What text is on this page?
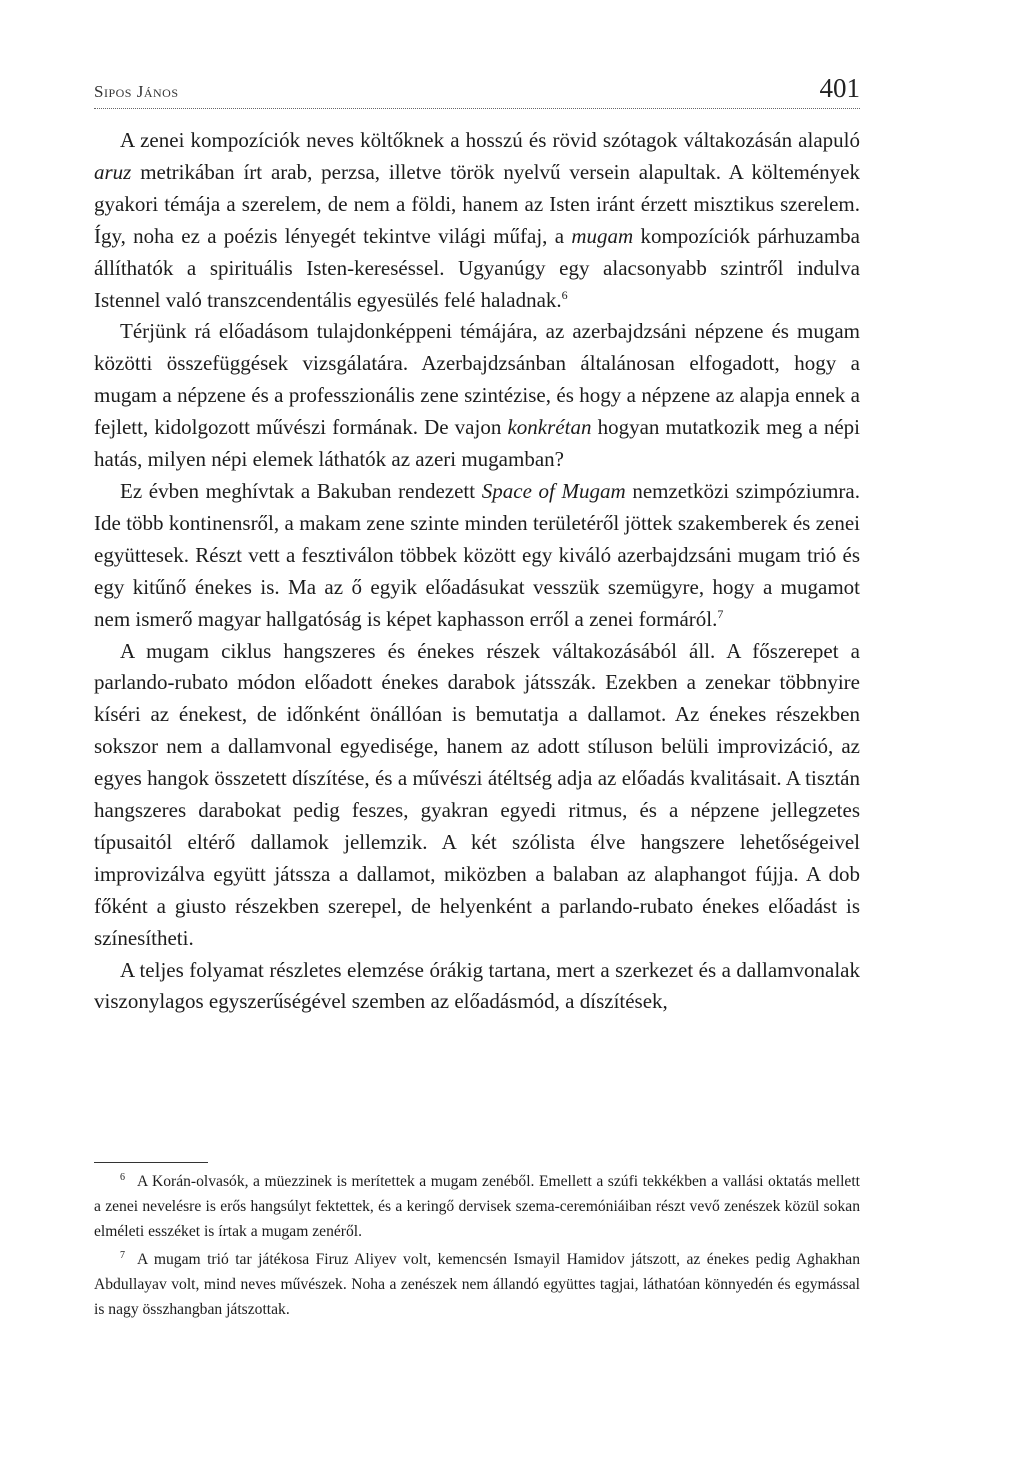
Sipos János	401

A zenei kompozíciók neves költőknek a hosszú és rövid szótagok váltakozásán alapuló aruz metrikában írt arab, perzsa, illetve török nyelvű versein alapultak. A költemények gyakori témája a szerelem, de nem a földi, hanem az Isten iránt érzett misztikus szerelem. Így, noha ez a poézis lényegét tekintve világi műfaj, a mugam kompozíciók párhuzamba állíthatók a spirituális Isten-kereséssel. Ugyanúgy egy alacsonyabb szintről indulva Istennel való transzcendentális egyesülés felé haladnak.$^6$

Térjünk rá előadásom tulajdonképpeni témájára, az azerbajdzsáni népzene és mugam közötti összefüggések vizsgálatára. Azerbajdzsánban általánosan elfogadott, hogy a mugam a népzene és a professzionális zene szintézise, és hogy a népzene az alapja ennek a fejlett, kidolgozott művészi formának. De vajon konkrétan hogyan mutatkozik meg a népi hatás, milyen népi elemek láthatók az azeri mugamban?

Ez évben meghívtak a Bakuban rendezett Space of Mugam nemzetközi szimpóziumra. Ide több kontinensről, a makam zene szinte minden területéről jöttek szakemberek és zenei együttesek. Részt vett a fesztiválon többek között egy kiváló azerbajdzsáni mugam trió és egy kitűnő énekes is. Ma az ő egyik előadásukat vesszük szemügyre, hogy a mugamot nem ismerő magyar hallgatóság is képet kaphasson erről a zenei formáról.$^7$

A mugam ciklus hangszeres és énekes részek váltakozásából áll. A főszerepet a parlando-rubato módon előadott énekes darabok játsszák. Ezekben a zenekar többnyire kíséri az énekest, de időnként önállóan is bemutatja a dallamot. Az énekes részekben sokszor nem a dallamvonal egyedisége, hanem az adott stíluson belüli improvizáció, az egyes hangok összetett díszítése, és a művészi átéltség adja az előadás kvalitásait. A tisztán hangszeres darabokat pedig feszes, gyakran egyedi ritmus, és a népzene jellegzetes típusaitól eltérő dallamok jellemzik. A két szólista élve hangszere lehetőségeivel improvizálva együtt játssza a dallamot, miközben a balaban az alaphangot fújja. A dob főként a giusto részekben szerepel, de helyenként a parlando-rubato énekes előadást is színesítheti.

A teljes folyamat részletes elemzése órákig tartana, mert a szerkezet és a dallamvonalak viszonylagos egyszerűségével szemben az előadásmód, a díszítések,

$^6$ A Korán-olvasók, a müezzinek is merítettek a mugam zenéből. Emellett a szúfi tekkékben a vallási oktatás mellett a zenei nevelésre is erős hangsúlyt fektettek, és a keringő dervisek szema-ceremóniáiban részt vevő zenészek közül sokan elméleti esszéket is írtak a mugam zenéről.

$^7$ A mugam trió tar játékosa Firuz Aliyev volt, kemencsén Ismayil Hamidov játszott, az énekes pedig Aghakhan Abdullayav volt, mind neves művészek. Noha a zenészek nem állandó együttes tagjai, láthatóan könnyedén és egymással is nagy összhangban játszottak.
